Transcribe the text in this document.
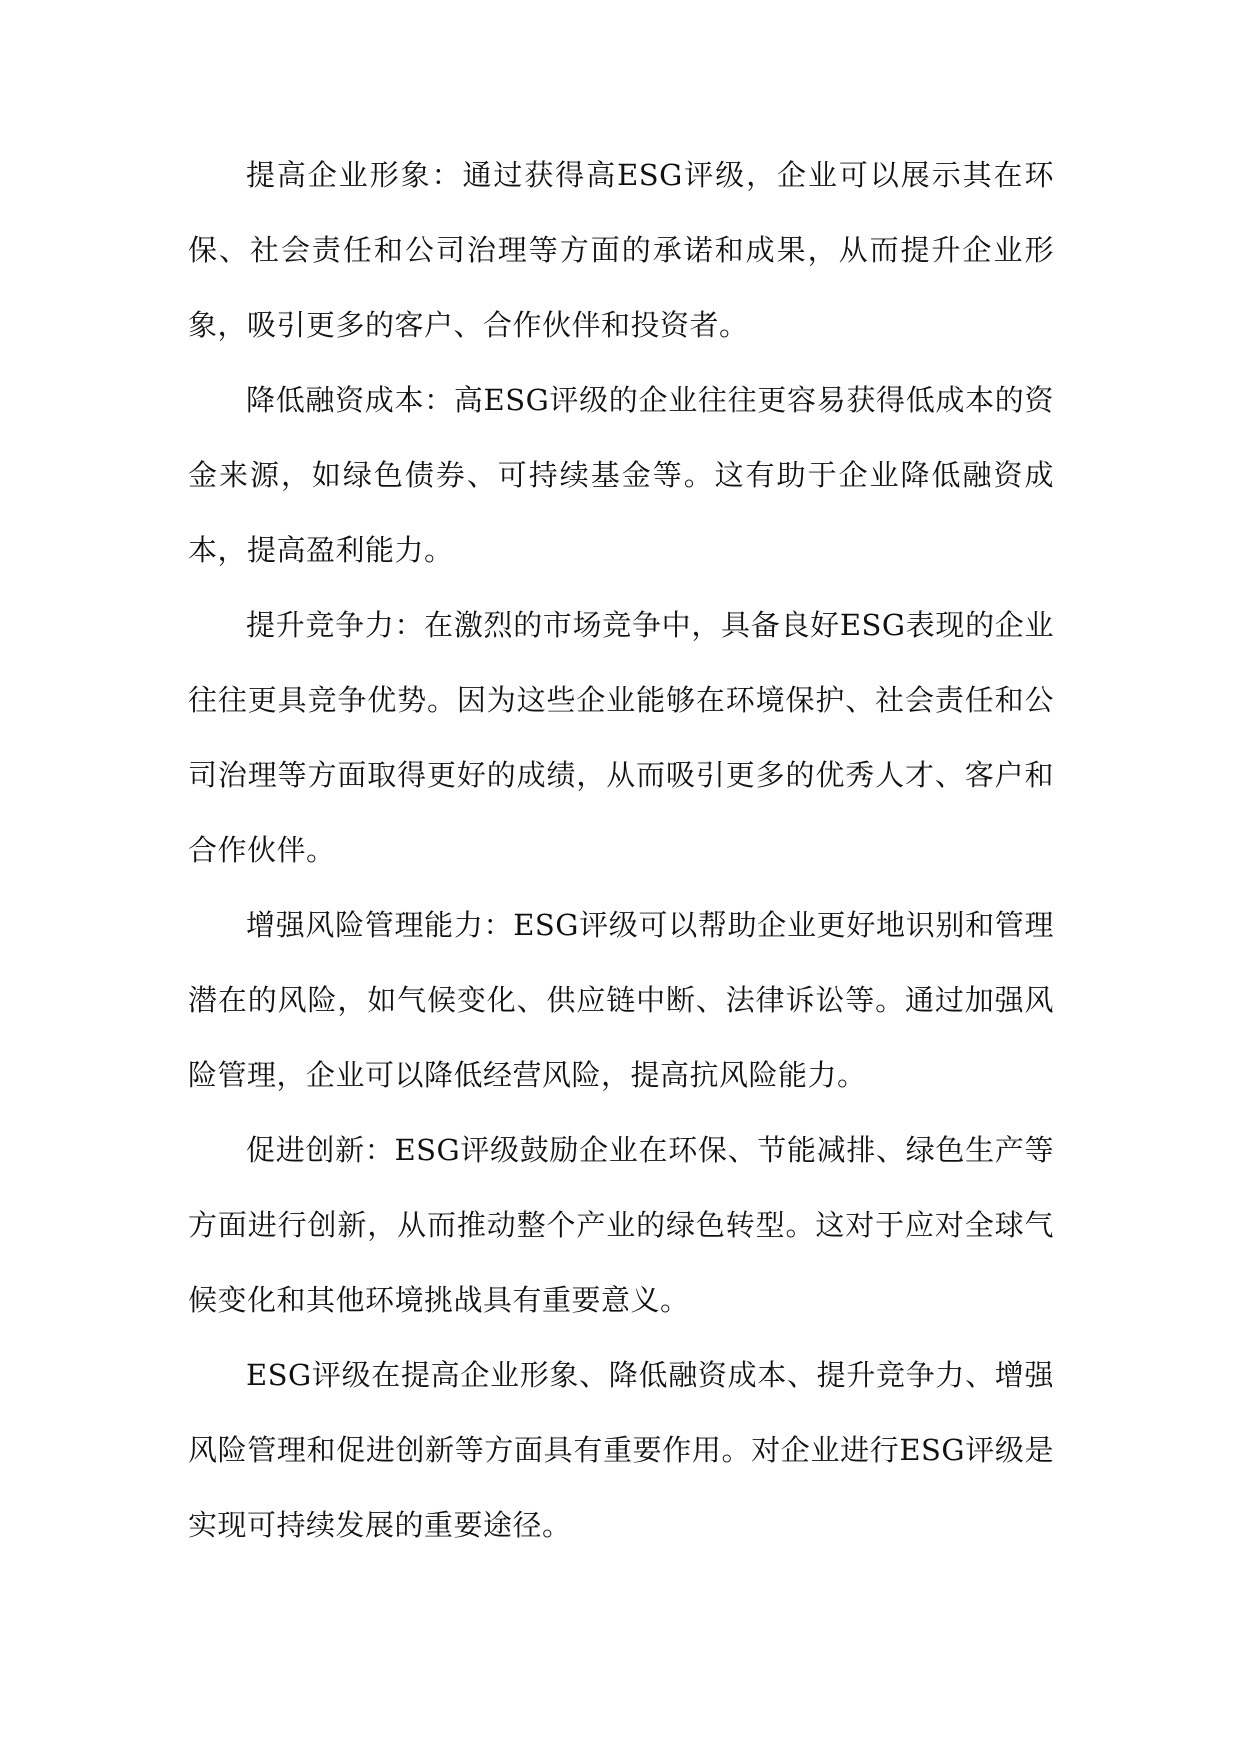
提高企业形象：通过获得高ESG评级，企业可以展示其在环保、社会责任和公司治理等方面的承诺和成果，从而提升企业形象，吸引更多的客户、合作伙伴和投资者。

降低融资成本：高ESG评级的企业往往更容易获得低成本的资金来源，如绿色债券、可持续基金等。这有助于企业降低融资成本，提高盈利能力。

提升竞争力：在激烈的市场竞争中，具备良好ESG表现的企业往往更具竞争优势。因为这些企业能够在环境保护、社会责任和公司治理等方面取得更好的成绩，从而吸引更多的优秀人才、客户和合作伙伴。

增强风险管理能力：ESG评级可以帮助企业更好地识别和管理潜在的风险，如气候变化、供应链中断、法律诉讼等。通过加强风险管理，企业可以降低经营风险，提高抗风险能力。

促进创新：ESG评级鼓励企业在环保、节能减排、绿色生产等方面进行创新，从而推动整个产业的绿色转型。这对于应对全球气候变化和其他环境挑战具有重要意义。

ESG评级在提高企业形象、降低融资成本、提升竞争力、增强风险管理和促进创新等方面具有重要作用。对企业进行ESG评级是实现可持续发展的重要途径。
